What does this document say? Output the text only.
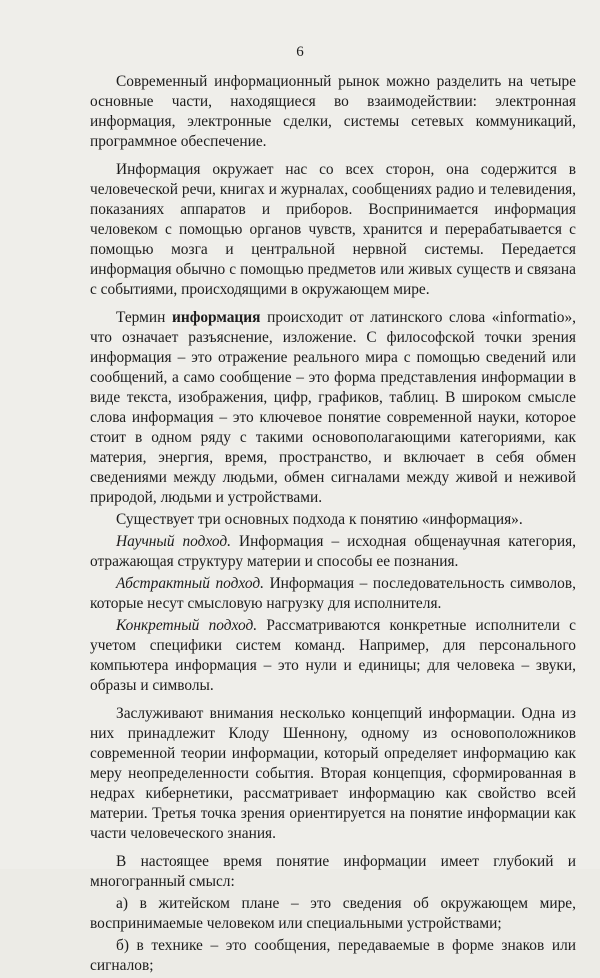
6

Современный информационный рынок можно разделить на четыре основные части, находящиеся во взаимодействии: электронная информация, электронные сделки, системы сетевых коммуникаций, программное обеспечение.

Информация окружает нас со всех сторон, она содержится в человеческой речи, книгах и журналах, сообщениях радио и телевидения, показаниях аппаратов и приборов. Воспринимается информация человеком с помощью органов чувств, хранится и перерабатывается с помощью мозга и центральной нервной системы. Передается информация обычно с помощью предметов или живых существ и связана с событиями, происходящими в окружающем мире.

Термин информация происходит от латинского слова «informatio», что означает разъяснение, изложение. С философской точки зрения информация – это отражение реального мира с помощью сведений или сообщений, а само сообщение – это форма представления информации в виде текста, изображения, цифр, графиков, таблиц. В широком смысле слова информация – это ключевое понятие современной науки, которое стоит в одном ряду с такими основополагающими категориями, как материя, энергия, время, пространство, и включает в себя обмен сведениями между людьми, обмен сигналами между живой и неживой природой, людьми и устройствами.

Существует три основных подхода к понятию «информация».

Научный подход. Информация – исходная общенаучная категория, отражающая структуру материи и способы ее познания.

Абстрактный подход. Информация – последовательность символов, которые несут смысловую нагрузку для исполнителя.

Конкретный подход. Рассматриваются конкретные исполнители с учетом специфики систем команд. Например, для персонального компьютера информация – это нули и единицы; для человека – звуки, образы и символы.

Заслуживают внимания несколько концепций информации. Одна из них принадлежит Клоду Шеннону, одному из основоположников современной теории информации, который определяет информацию как меру неопределенности события. Вторая концепция, сформированная в недрах кибернетики, рассматривает информацию как свойство всей материи. Третья точка зрения ориентируется на понятие информации как части человеческого знания.

В настоящее время понятие информации имеет глубокий и многогранный смысл:

а) в житейском плане – это сведения об окружающем мире, воспринимаемые человеком или специальными устройствами;

б) в технике – это сообщения, передаваемые в форме знаков или сигналов;
